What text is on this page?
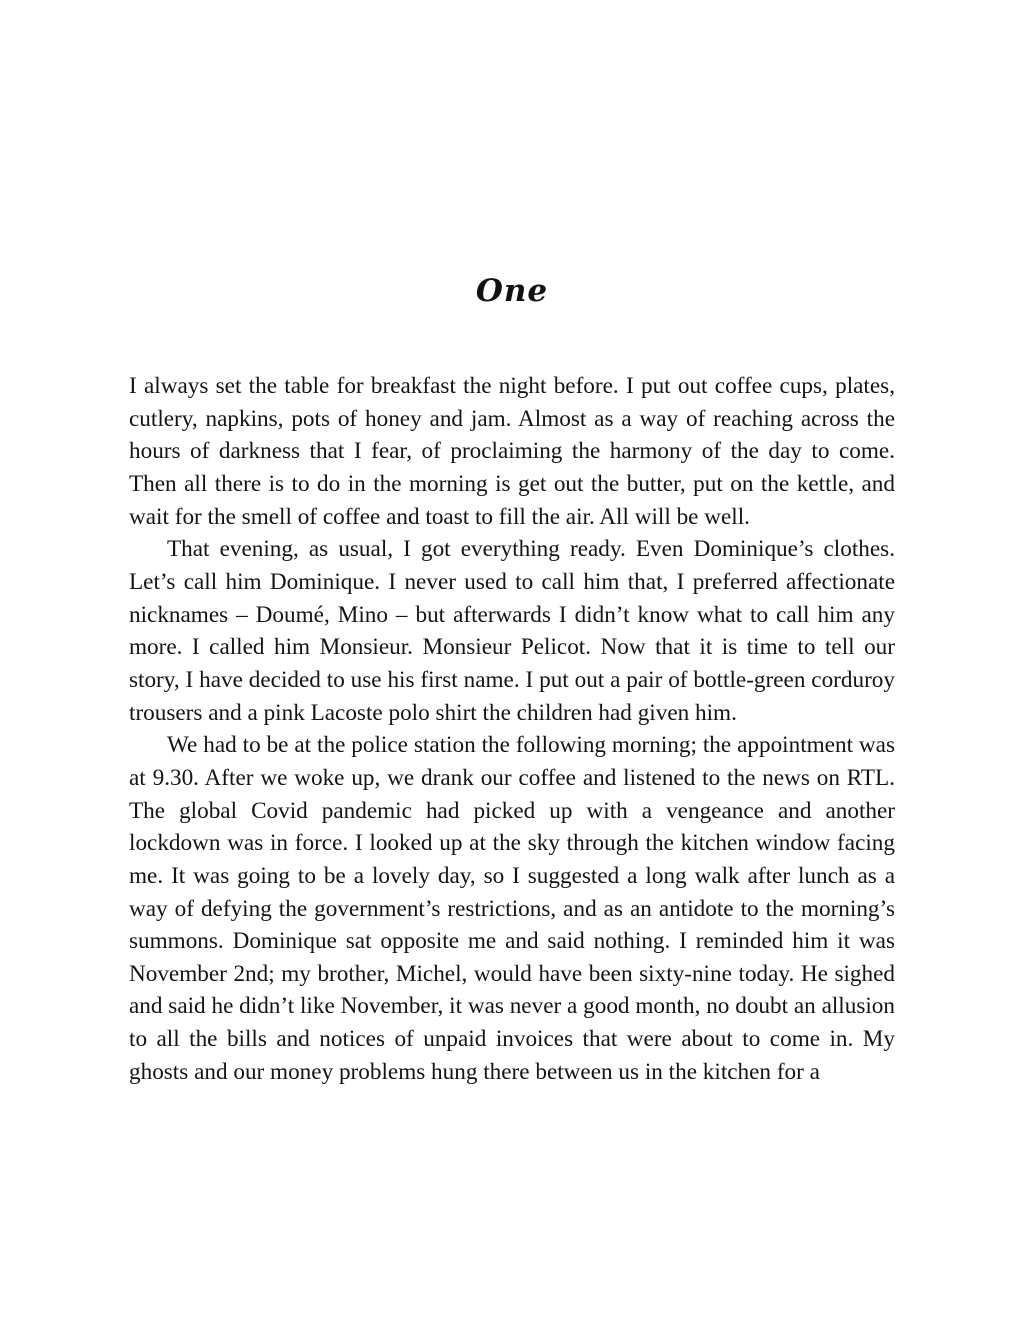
One

I always set the table for breakfast the night before. I put out coffee cups, plates, cutlery, napkins, pots of honey and jam. Almost as a way of reaching across the hours of darkness that I fear, of proclaiming the harmony of the day to come. Then all there is to do in the morning is get out the butter, put on the kettle, and wait for the smell of coffee and toast to fill the air. All will be well.

That evening, as usual, I got everything ready. Even Dominique’s clothes. Let’s call him Dominique. I never used to call him that, I preferred affectionate nicknames – Doumé, Mino – but afterwards I didn’t know what to call him any more. I called him Monsieur. Monsieur Pelicot. Now that it is time to tell our story, I have decided to use his first name. I put out a pair of bottle-green corduroy trousers and a pink Lacoste polo shirt the children had given him.

We had to be at the police station the following morning; the appointment was at 9.30. After we woke up, we drank our coffee and listened to the news on RTL. The global Covid pandemic had picked up with a vengeance and another lockdown was in force. I looked up at the sky through the kitchen window facing me. It was going to be a lovely day, so I suggested a long walk after lunch as a way of defying the government’s restrictions, and as an antidote to the morning’s summons. Dominique sat opposite me and said nothing. I reminded him it was November 2nd; my brother, Michel, would have been sixty-nine today. He sighed and said he didn’t like November, it was never a good month, no doubt an allusion to all the bills and notices of unpaid invoices that were about to come in. My ghosts and our money problems hung there between us in the kitchen for a
